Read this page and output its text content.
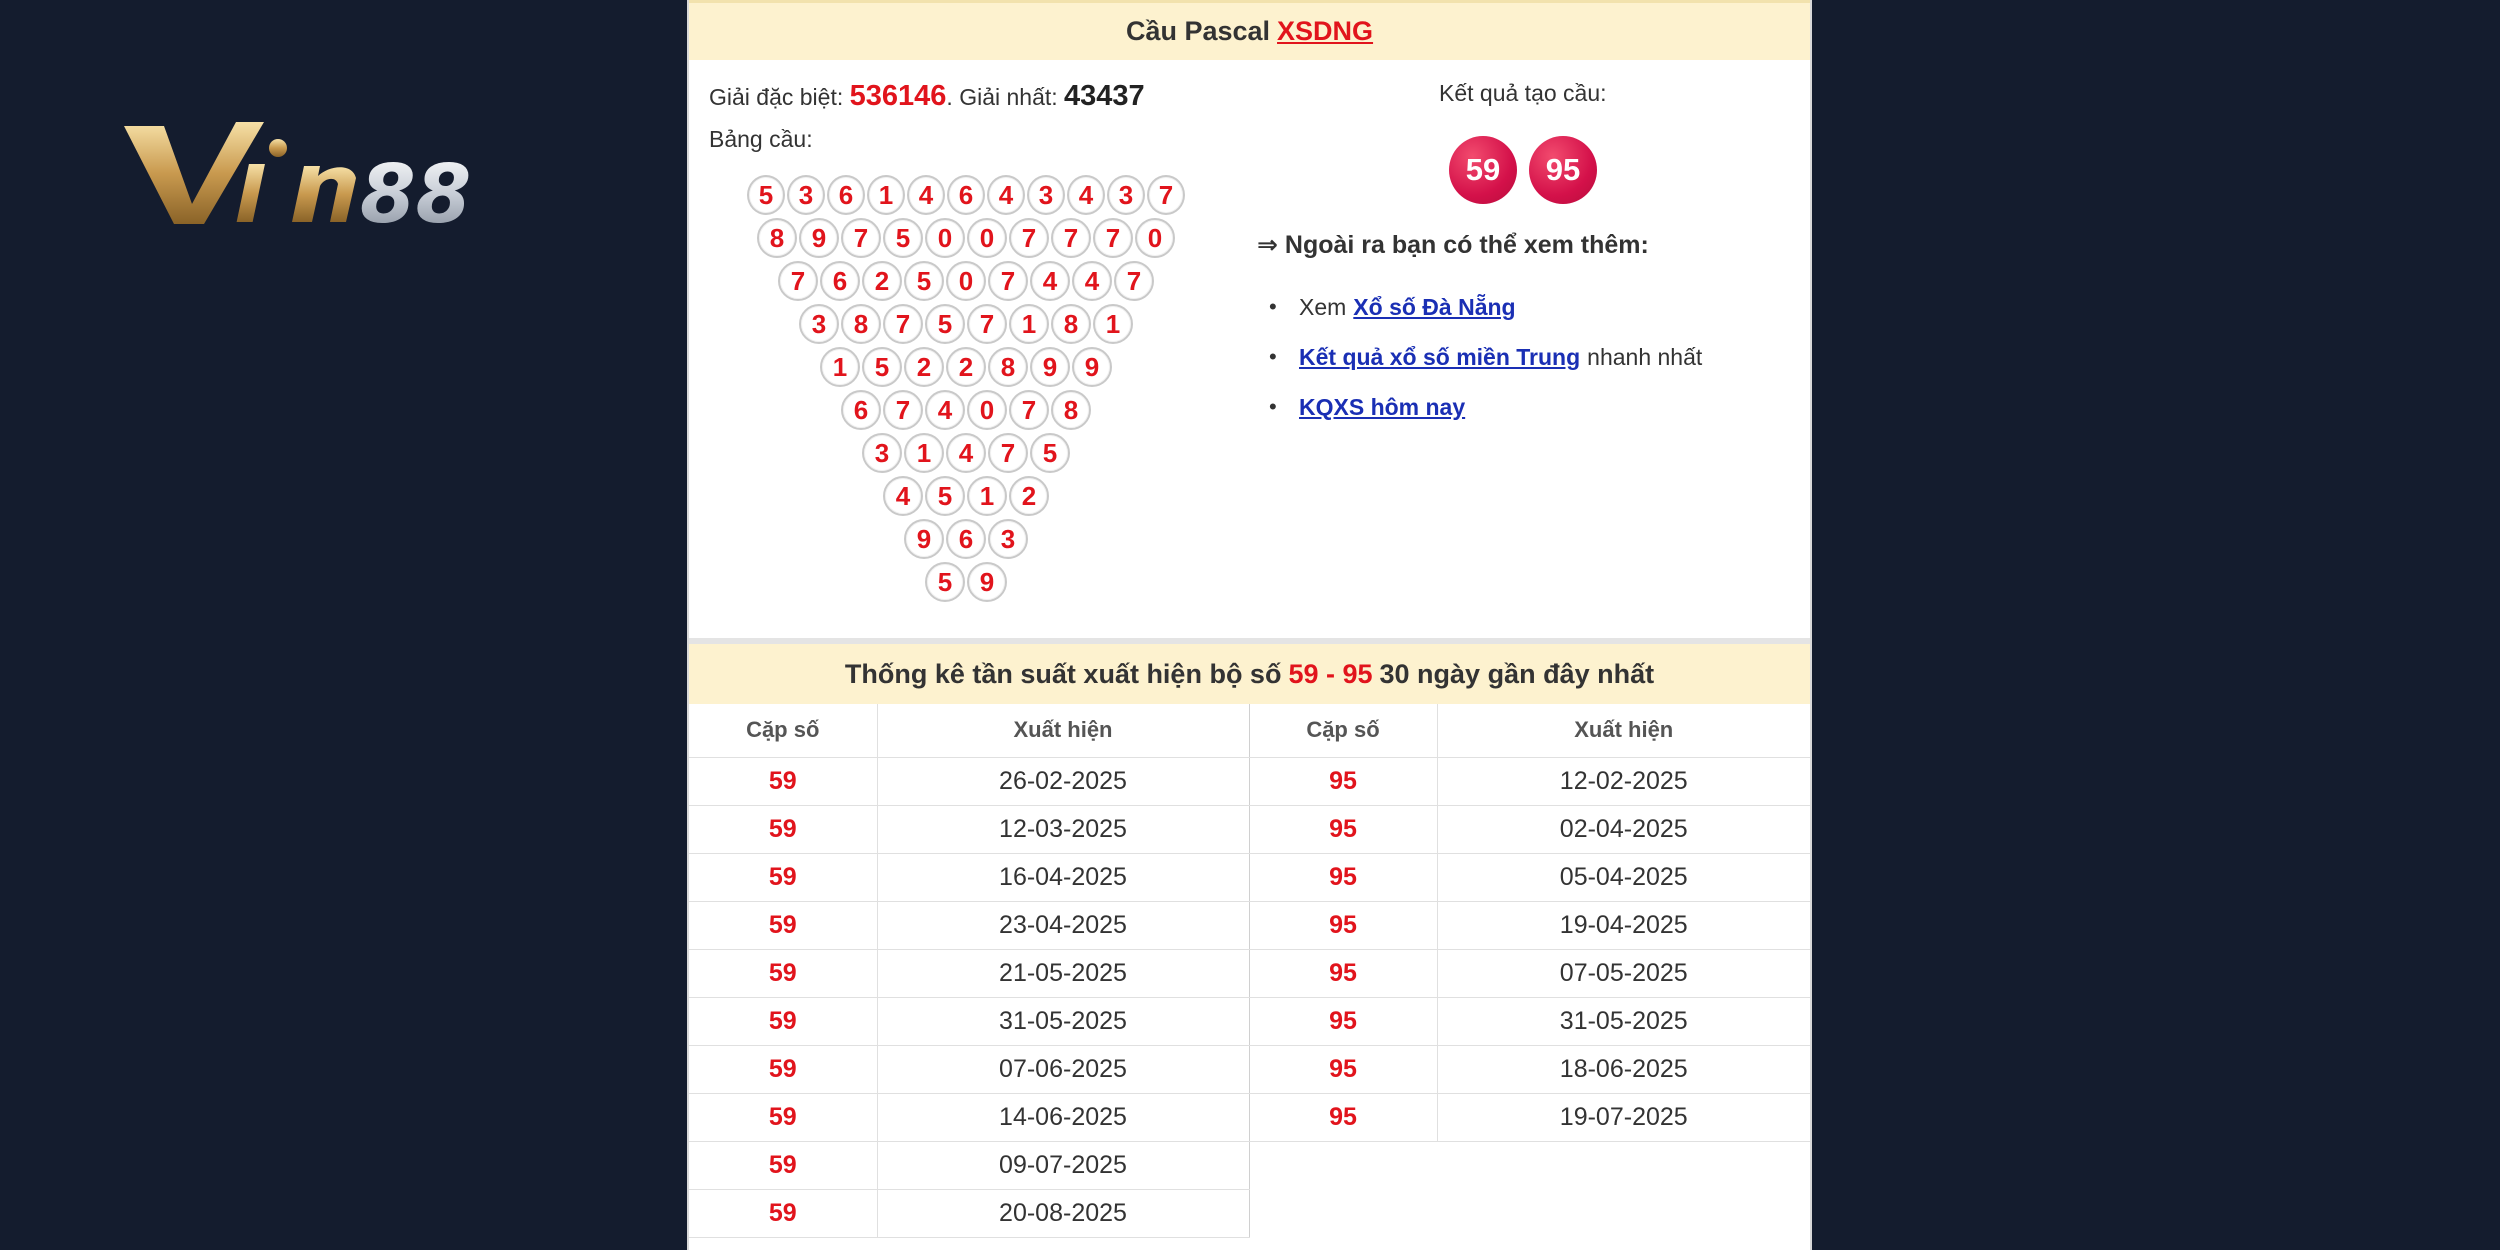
88
Cầu Pascal XSDNG
Giải đặc biệt: 536146. Giải nhất: 43437
Bảng cầu:
5 3 6 1 4 6 4 3 4 3 7
8	9	7	5	0	0	7	7	7	0
7	6	2	5	0	7	4	4	7
3	8	7	5	7	1	8	1
1	5	2	2	8	9	9
6	7	4	0	7	8
3	1	4	7	5
4	5	1	2
9	6	3
5	9
Kết quả tạo cầu:
59	95
⇒ Ngoài ra bạn có thể xem thêm:
• Xem Xổ số Đà Nẵng
• Kết quả xổ số miền Trung nhanh nhất
• KQXS hôm nay
Thống kê tần suất xuất hiện bộ số 59 - 95 30 ngày gần đây nhất
Cặp số	Xuất hiện	Cặp số	Xuất hiện
59	26-02-2025	95	12-02-2025
59	12-03-2025	95	02-04-2025
59	16-04-2025	95	05-04-2025
59	23-04-2025	95	19-04-2025
59	21-05-2025	95	07-05-2025
59	31-05-2025	95	31-05-2025
59	07-06-2025	95	18-06-2025
59	14-06-2025	95	19-07-2025
59	09-07-2025		
59	20-08-2025		
